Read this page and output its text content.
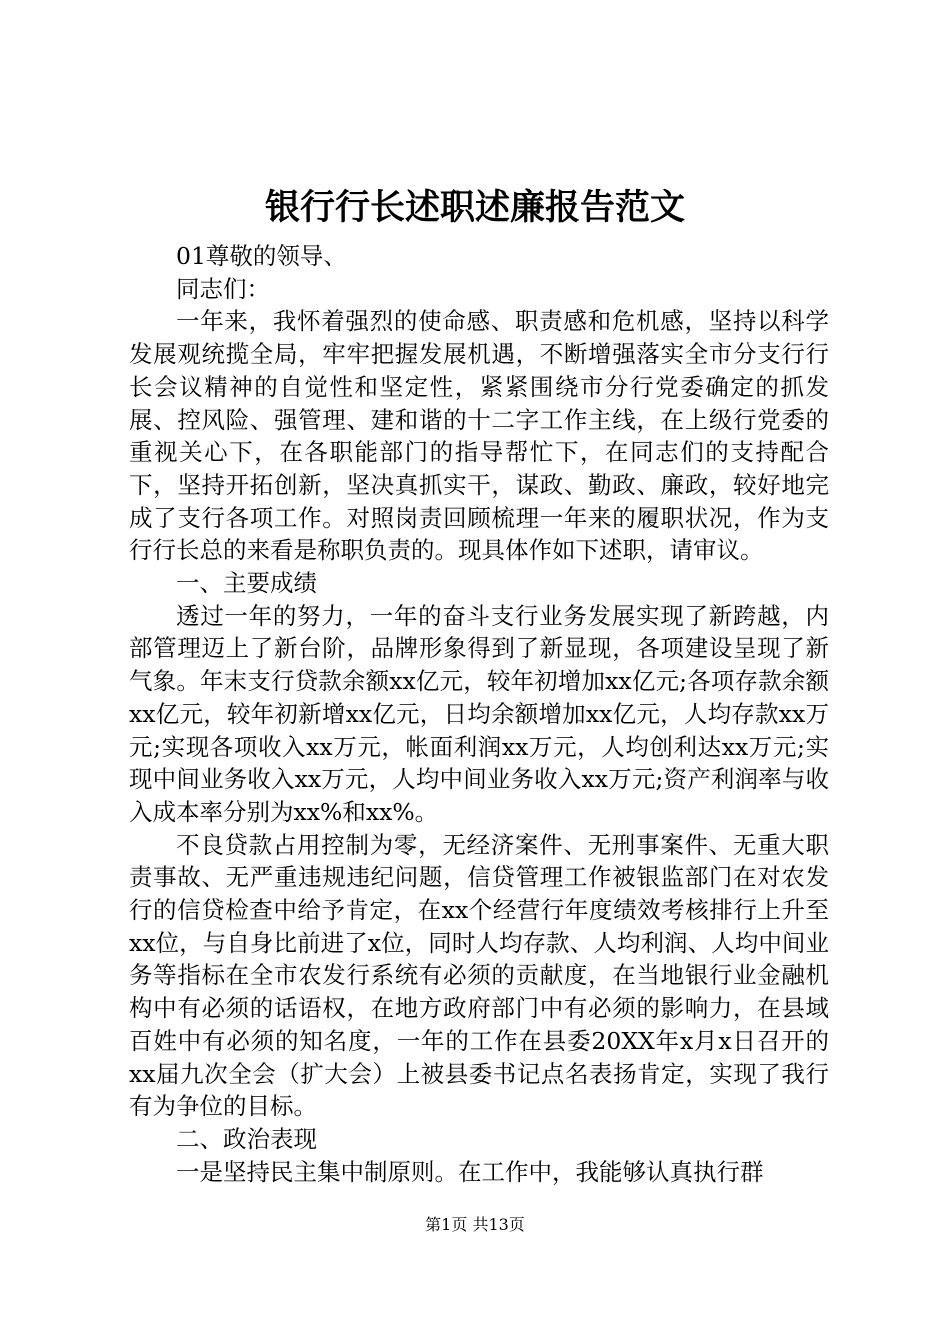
银行行长述职述廉报告范文

01尊敬的领导、

同志们：

一年来，我怀着强烈的使命感、职责感和危机感，坚持以科学发展观统揽全局，牢牢把握发展机遇，不断增强落实全市分支行行长会议精神的自觉性和坚定性，紧紧围绕市分行党委确定的抓发展、控风险、强管理、建和谐的十二字工作主线，在上级行党委的重视关心下，在各职能部门的指导帮忙下，在同志们的支持配合下，坚持开拓创新，坚决真抓实干，谋政、勤政、廉政，较好地完成了支行各项工作。对照岗责回顾梳理一年来的履职状况，作为支行行长总的来看是称职负责的。现具体作如下述职，请审议。

一、主要成绩

透过一年的努力，一年的奋斗支行业务发展实现了新跨越，内部管理迈上了新台阶，品牌形象得到了新显现，各项建设呈现了新气象。年末支行贷款余额xx亿元，较年初增加xx亿元;各项存款余额xx亿元，较年初新增xx亿元，日均余额增加xx亿元，人均存款xx万元;实现各项收入xx万元，帐面利润xx万元，人均创利达xx万元;实现中间业务收入xx万元，人均中间业务收入xx万元;资产利润率与收入成本率分别为xx%和xx%。

不良贷款占用控制为零，无经济案件、无刑事案件、无重大职责事故、无严重违规违纪问题，信贷管理工作被银监部门在对农发行的信贷检查中给予肯定，在xx个经营行年度绩效考核排行上升至xx位，与自身比前进了x位，同时人均存款、人均利润、人均中间业务等指标在全市农发行系统有必须的贡献度，在当地银行业金融机构中有必须的话语权，在地方政府部门中有必须的影响力，在县域百姓中有必须的知名度，一年的工作在县委20XX年x月x日召开的xx届九次全会（扩大会）上被县委书记点名表扬肯定，实现了我行有为争位的目标。

二、政治表现

一是坚持民主集中制原则。在工作中，我能够认真执行群

第1页 共13页
